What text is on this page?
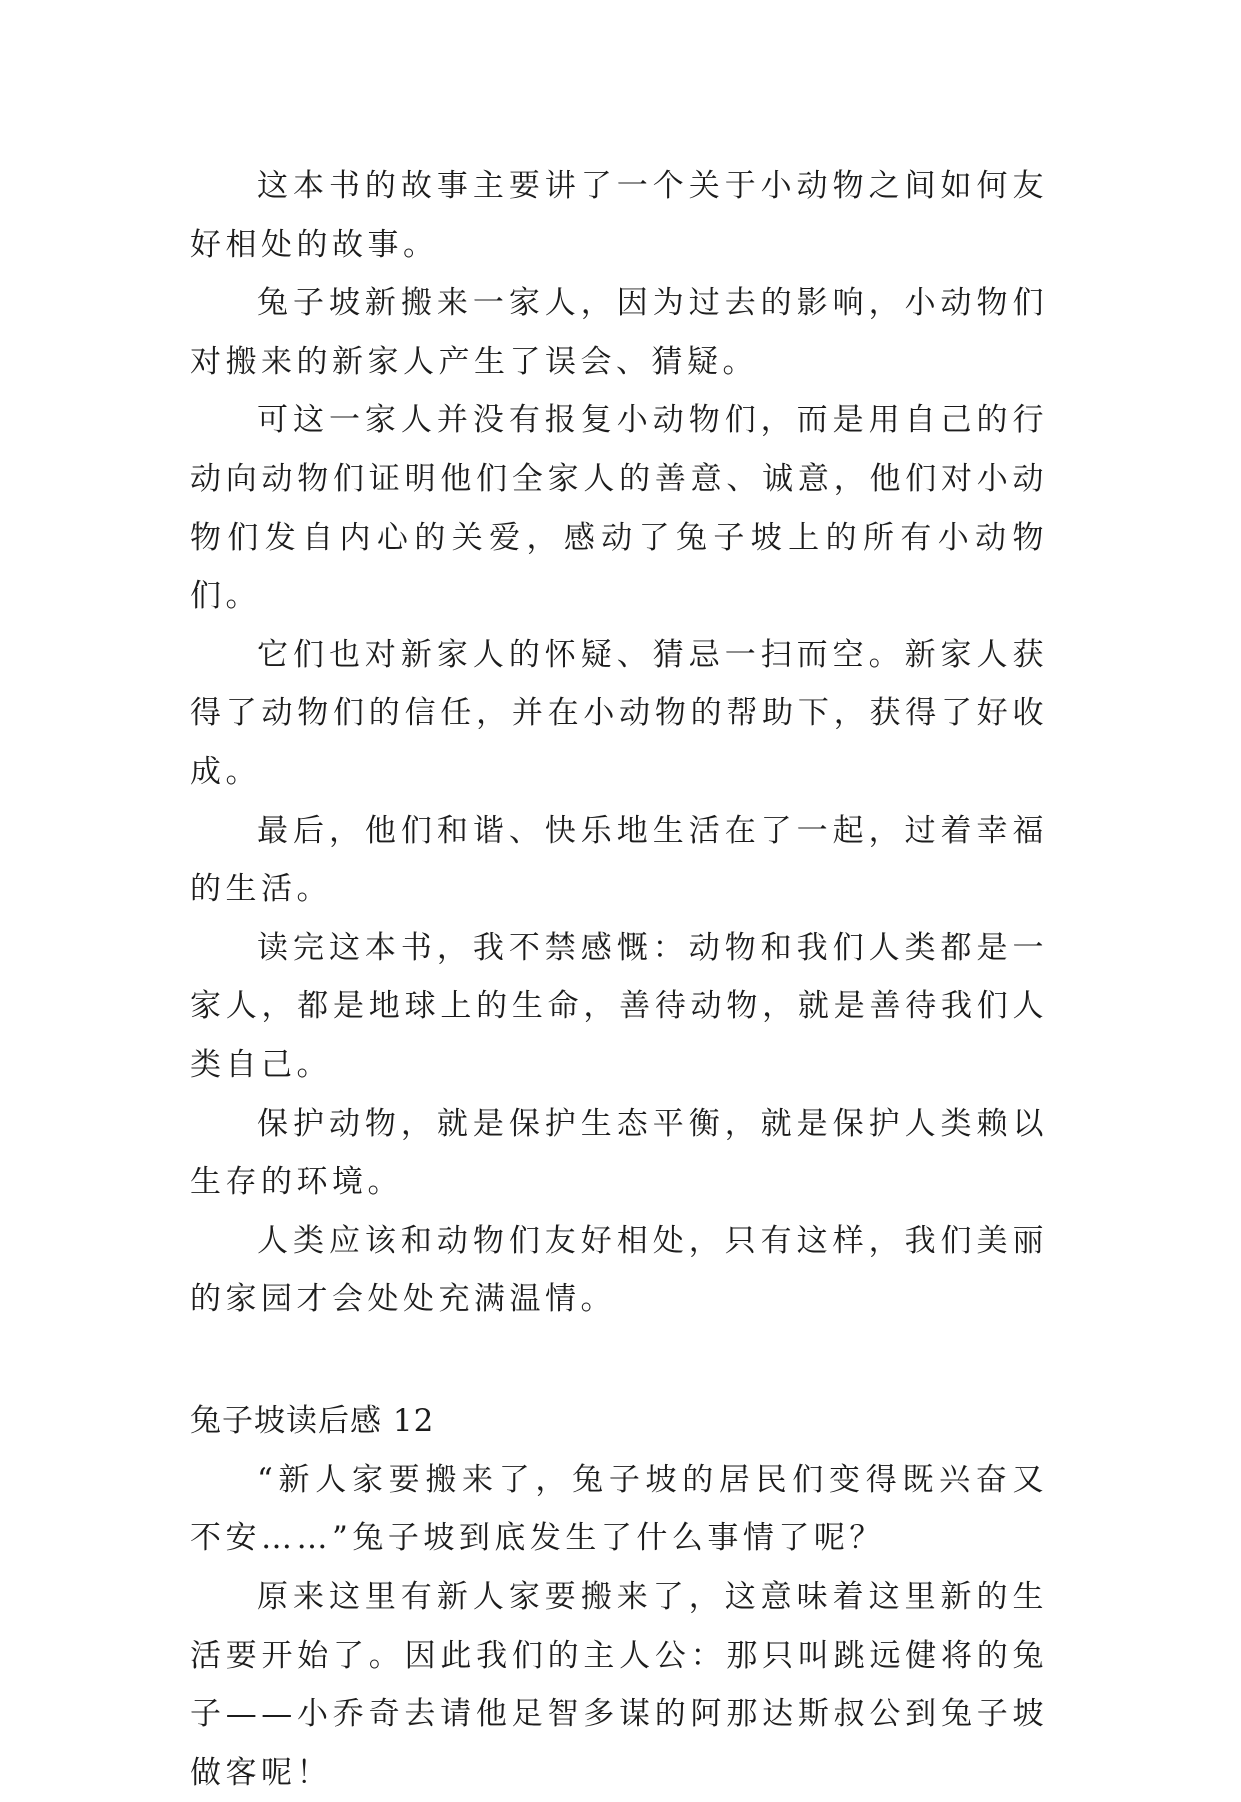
这本书的故事主要讲了一个关于小动物之间如何友好相处的故事。

兔子坡新搬来一家人，因为过去的影响，小动物们对搬来的新家人产生了误会、猜疑。

可这一家人并没有报复小动物们，而是用自己的行动向动物们证明他们全家人的善意、诚意，他们对小动物们发自内心的关爱，感动了兔子坡上的所有小动物们。

它们也对新家人的怀疑、猜忌一扫而空。新家人获得了动物们的信任，并在小动物的帮助下，获得了好收成。

最后，他们和谐、快乐地生活在了一起，过着幸福的生活。

读完这本书，我不禁感慨：动物和我们人类都是一家人，都是地球上的生命，善待动物，就是善待我们人类自己。

保护动物，就是保护生态平衡，就是保护人类赖以生存的环境。

人类应该和动物们友好相处，只有这样，我们美丽的家园才会处处充满温情。

兔子坡读后感 12

“新人家要搬来了，兔子坡的居民们变得既兴奋又不安……”兔子坡到底发生了什么事情了呢？

原来这里有新人家要搬来了，这意味着这里新的生活要开始了。因此我们的主人公：那只叫跳远健将的兔子——小乔奇去请他足智多谋的阿那达斯叔公到兔子坡做客呢！
